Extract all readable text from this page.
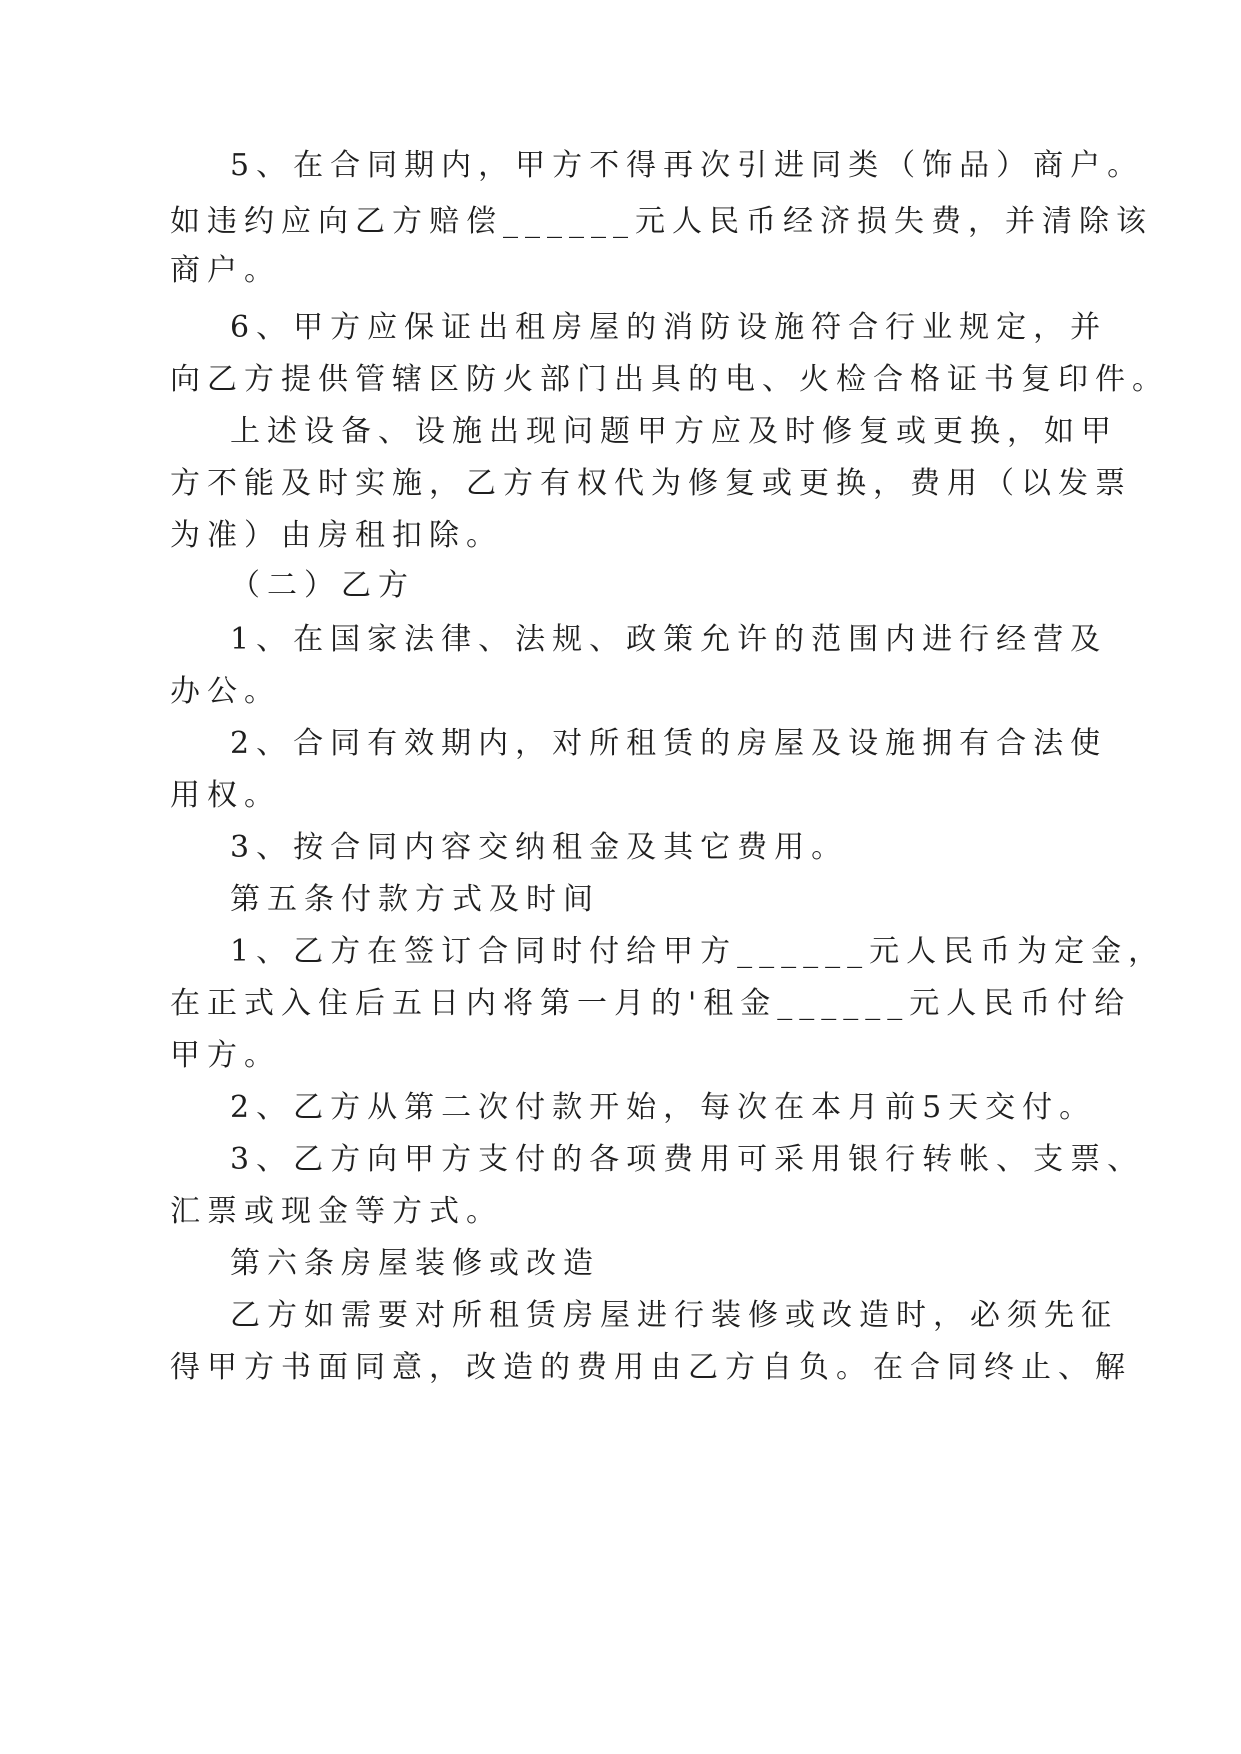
5、在合同期内，甲方不得再次引进同类（饰品）商户。
如违约应向乙方赔偿______元人民币经济损失费，并清除该
商户。
6、甲方应保证出租房屋的消防设施符合行业规定，并
向乙方提供管辖区防火部门出具的电、火检合格证书复印件。
上述设备、设施出现问题甲方应及时修复或更换，如甲
方不能及时实施，乙方有权代为修复或更换，费用（以发票
为准）由房租扣除。
（二）乙方
1、在国家法律、法规、政策允许的范围内进行经营及
办公。
2、合同有效期内，对所租赁的房屋及设施拥有合法使
用权。
3、按合同内容交纳租金及其它费用。
第五条付款方式及时间
1、乙方在签订合同时付给甲方______元人民币为定金，
在正式入住后五日内将第一月的'租金______元人民币付给
甲方。
2、乙方从第二次付款开始，每次在本月前5天交付。
3、乙方向甲方支付的各项费用可采用银行转帐、支票、
汇票或现金等方式。
第六条房屋装修或改造
乙方如需要对所租赁房屋进行装修或改造时，必须先征
得甲方书面同意，改造的费用由乙方自负。在合同终止、解
